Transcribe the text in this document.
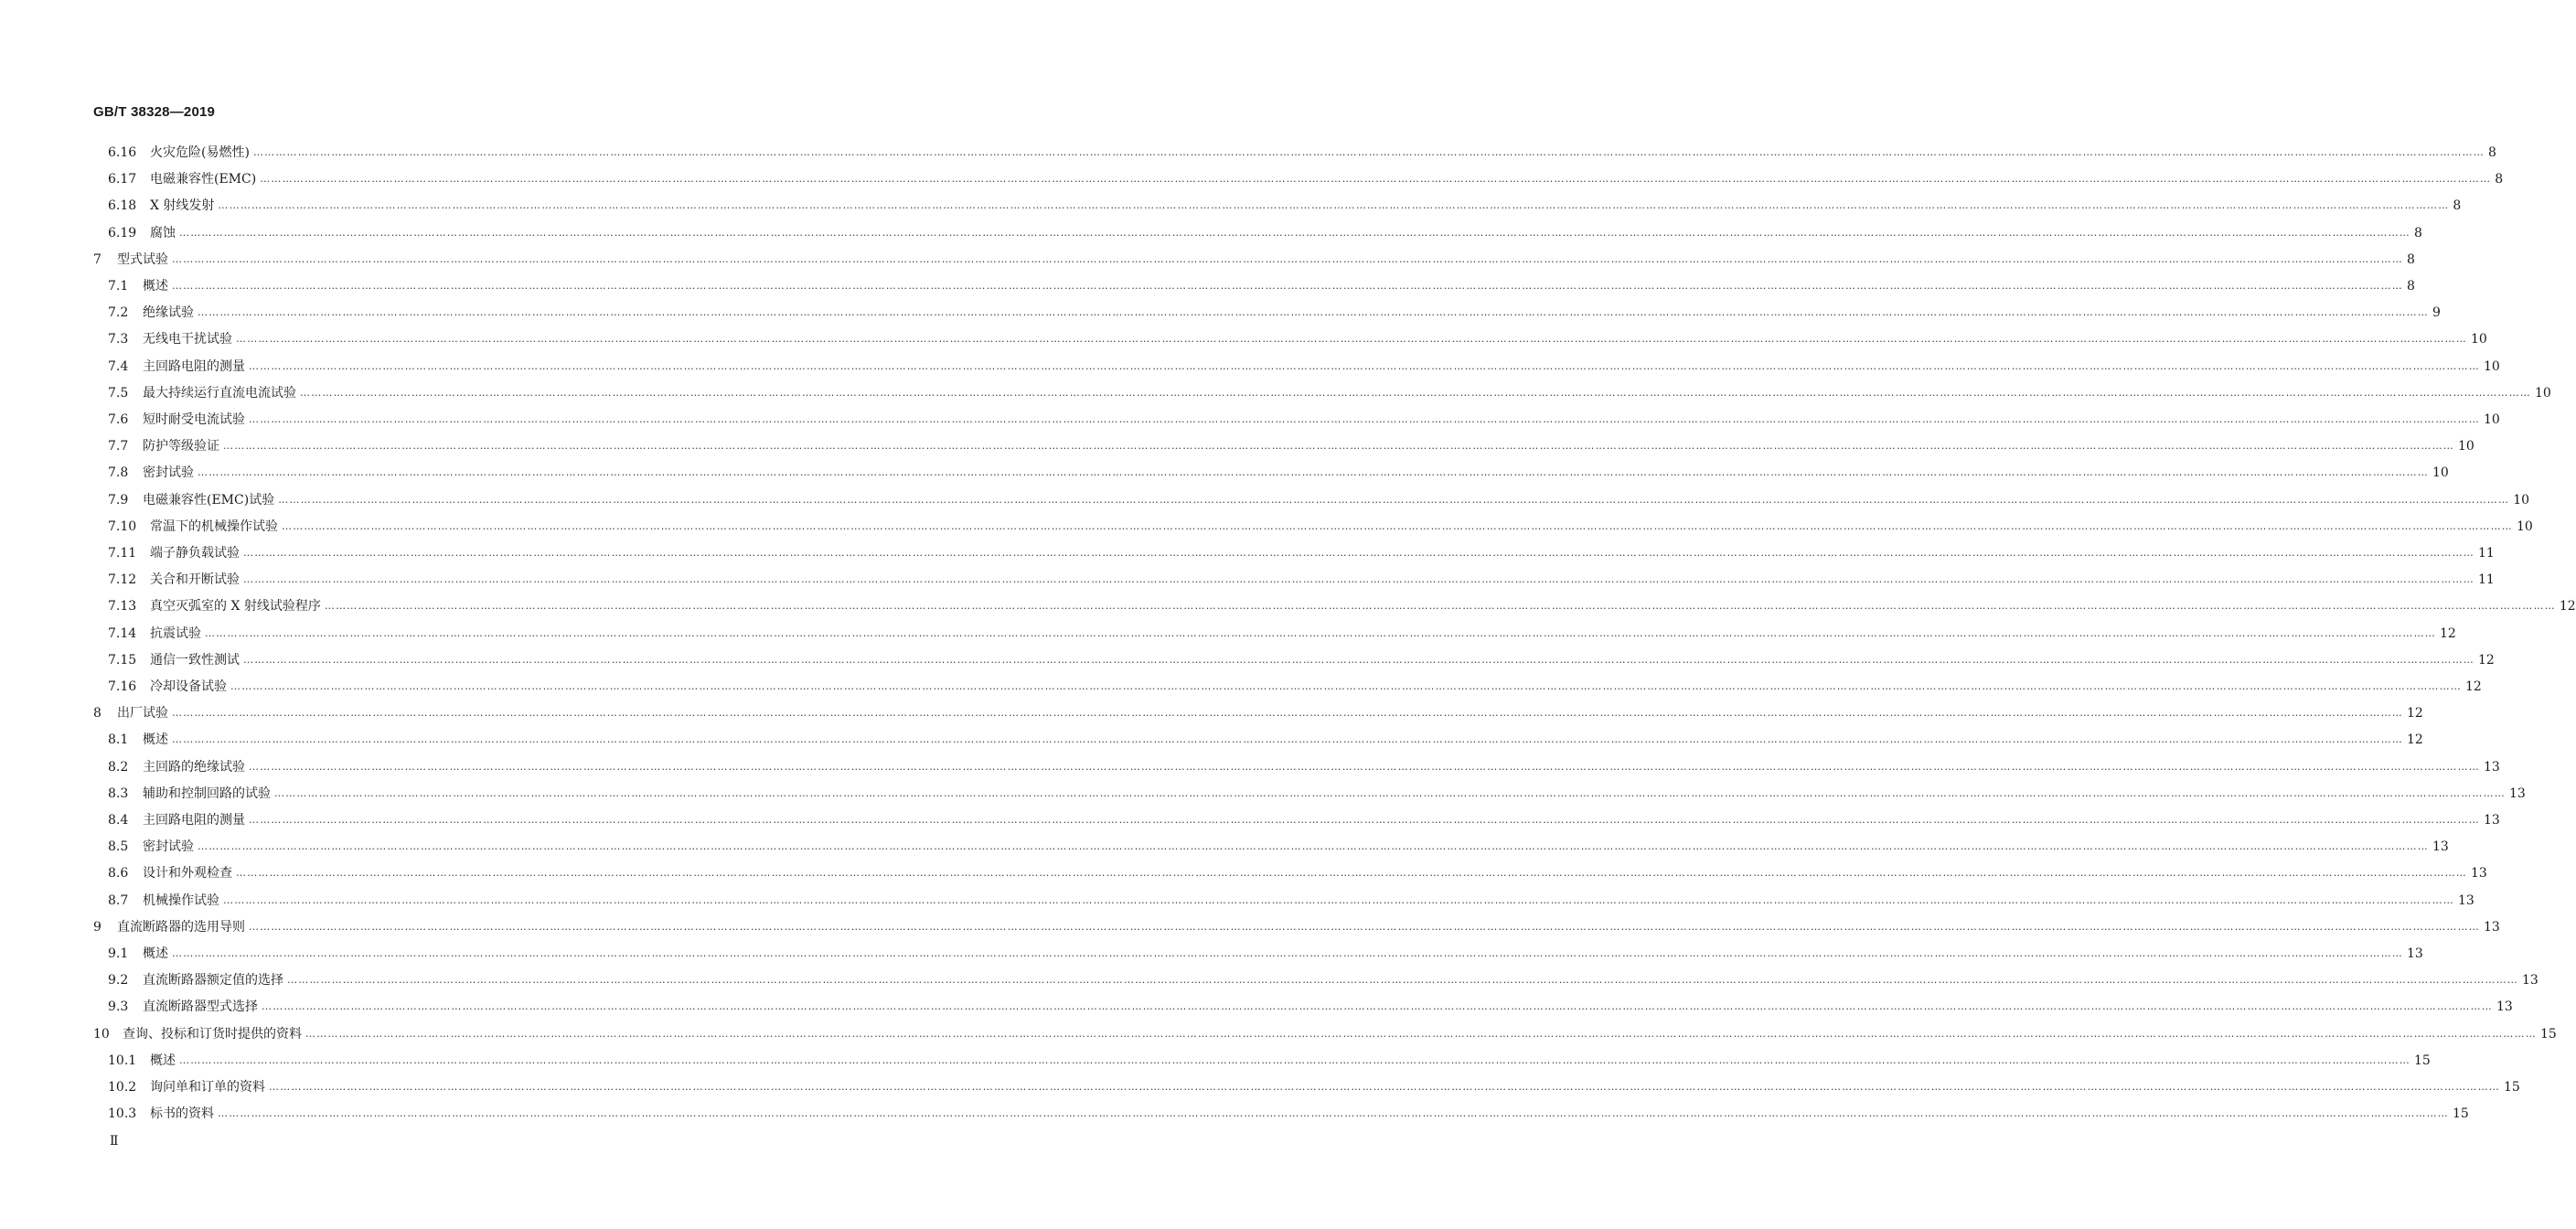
GB/T 38328—2019
6.16	火灾危险(易燃性) …………………………………………………………………………………………………………………………………………………………………………………………………………………………………………………………………………………………………………………………………………………………………………………………………………………………………………………………………………………………………………………………………………………… 8
6.17	电磁兼容性(EMC) …………………………………………………………………………………………………………………………………………………………………………………………………………………………………………………………………………………………………………………………………………………………………………………………………………………………………………………………………………………………………………………………………………………… 8
6.18	X 射线发射 …………………………………………………………………………………………………………………………………………………………………………………………………………………………………………………………………………………………………………………………………………………………………………………………………………………………………………………………………………………………………………………………………………………… 8
6.19	腐蚀 …………………………………………………………………………………………………………………………………………………………………………………………………………………………………………………………………………………………………………………………………………………………………………………………………………………………………………………………………………………………………………………………………………………… 8
7	型式试验 …………………………………………………………………………………………………………………………………………………………………………………………………………………………………………………………………………………………………………………………………………………………………………………………………………………………………………………………………………………………………………………………………………………… 8
7.1	概述 …………………………………………………………………………………………………………………………………………………………………………………………………………………………………………………………………………………………………………………………………………………………………………………………………………………………………………………………………………………………………………………………………………………… 8
7.2	绝缘试验 …………………………………………………………………………………………………………………………………………………………………………………………………………………………………………………………………………………………………………………………………………………………………………………………………………………………………………………………………………………………………………………………………………………… 9
7.3	无线电干扰试验 …………………………………………………………………………………………………………………………………………………………………………………………………………………………………………………………………………………………………………………………………………………………………………………………………………………………………………………………………………………………………………………………………………………… 10
7.4	主回路电阻的测量 …………………………………………………………………………………………………………………………………………………………………………………………………………………………………………………………………………………………………………………………………………………………………………………………………………………………………………………………………………………………………………………………………………………… 10
7.5	最大持续运行直流电流试验 …………………………………………………………………………………………………………………………………………………………………………………………………………………………………………………………………………………………………………………………………………………………………………………………………………………………………………………………………………………………………………………………………………………… 10
7.6	短时耐受电流试验 …………………………………………………………………………………………………………………………………………………………………………………………………………………………………………………………………………………………………………………………………………………………………………………………………………………………………………………………………………………………………………………………………………………… 10
7.7	防护等级验证 …………………………………………………………………………………………………………………………………………………………………………………………………………………………………………………………………………………………………………………………………………………………………………………………………………………………………………………………………………………………………………………………………………………… 10
7.8	密封试验 …………………………………………………………………………………………………………………………………………………………………………………………………………………………………………………………………………………………………………………………………………………………………………………………………………………………………………………………………………………………………………………………………………………… 10
7.9	电磁兼容性(EMC)试验 …………………………………………………………………………………………………………………………………………………………………………………………………………………………………………………………………………………………………………………………………………………………………………………………………………………………………………………………………………………………………………………………………………………… 10
7.10	常温下的机械操作试验 …………………………………………………………………………………………………………………………………………………………………………………………………………………………………………………………………………………………………………………………………………………………………………………………………………………………………………………………………………………………………………………………………………………… 10
7.11	端子静负载试验 …………………………………………………………………………………………………………………………………………………………………………………………………………………………………………………………………………………………………………………………………………………………………………………………………………………………………………………………………………………………………………………………………………………… 11
7.12	关合和开断试验 …………………………………………………………………………………………………………………………………………………………………………………………………………………………………………………………………………………………………………………………………………………………………………………………………………………………………………………………………………………………………………………………………………………… 11
7.13	真空灭弧室的 X 射线试验程序 …………………………………………………………………………………………………………………………………………………………………………………………………………………………………………………………………………………………………………………………………………………………………………………………………………………………………………………………………………………………………………………………………………………… 12
7.14	抗震试验 …………………………………………………………………………………………………………………………………………………………………………………………………………………………………………………………………………………………………………………………………………………………………………………………………………………………………………………………………………………………………………………………………………………… 12
7.15	通信一致性测试 …………………………………………………………………………………………………………………………………………………………………………………………………………………………………………………………………………………………………………………………………………………………………………………………………………………………………………………………………………………………………………………………………………………… 12
7.16	冷却设备试验 …………………………………………………………………………………………………………………………………………………………………………………………………………………………………………………………………………………………………………………………………………………………………………………………………………………………………………………………………………………………………………………………………………………… 12
8	出厂试验 …………………………………………………………………………………………………………………………………………………………………………………………………………………………………………………………………………………………………………………………………………………………………………………………………………………………………………………………………………………………………………………………………………………… 12
8.1	概述 …………………………………………………………………………………………………………………………………………………………………………………………………………………………………………………………………………………………………………………………………………………………………………………………………………………………………………………………………………………………………………………………………………………… 12
8.2	主回路的绝缘试验 …………………………………………………………………………………………………………………………………………………………………………………………………………………………………………………………………………………………………………………………………………………………………………………………………………………………………………………………………………………………………………………………………………………… 13
8.3	辅助和控制回路的试验 …………………………………………………………………………………………………………………………………………………………………………………………………………………………………………………………………………………………………………………………………………………………………………………………………………………………………………………………………………………………………………………………………………………… 13
8.4	主回路电阻的测量 …………………………………………………………………………………………………………………………………………………………………………………………………………………………………………………………………………………………………………………………………………………………………………………………………………………………………………………………………………………………………………………………………………………… 13
8.5	密封试验 …………………………………………………………………………………………………………………………………………………………………………………………………………………………………………………………………………………………………………………………………………………………………………………………………………………………………………………………………………………………………………………………………………………… 13
8.6	设计和外观检查 …………………………………………………………………………………………………………………………………………………………………………………………………………………………………………………………………………………………………………………………………………………………………………………………………………………………………………………………………………………………………………………………………………………… 13
8.7	机械操作试验 …………………………………………………………………………………………………………………………………………………………………………………………………………………………………………………………………………………………………………………………………………………………………………………………………………………………………………………………………………………………………………………………………………………… 13
9	直流断路器的选用导则 …………………………………………………………………………………………………………………………………………………………………………………………………………………………………………………………………………………………………………………………………………………………………………………………………………………………………………………………………………………………………………………………………………………… 13
9.1	概述 …………………………………………………………………………………………………………………………………………………………………………………………………………………………………………………………………………………………………………………………………………………………………………………………………………………………………………………………………………………………………………………………………………………… 13
9.2	直流断路器额定值的选择 …………………………………………………………………………………………………………………………………………………………………………………………………………………………………………………………………………………………………………………………………………………………………………………………………………………………………………………………………………………………………………………………………………………… 13
9.3	直流断路器型式选择 …………………………………………………………………………………………………………………………………………………………………………………………………………………………………………………………………………………………………………………………………………………………………………………………………………………………………………………………………………………………………………………………………………………… 13
10	查询、投标和订货时提供的资料 …………………………………………………………………………………………………………………………………………………………………………………………………………………………………………………………………………………………………………………………………………………………………………………………………………………………………………………………………………………………………………………………………………………… 15
10.1	概述 …………………………………………………………………………………………………………………………………………………………………………………………………………………………………………………………………………………………………………………………………………………………………………………………………………………………………………………………………………………………………………………………………………………… 15
10.2	询问单和订单的资料 …………………………………………………………………………………………………………………………………………………………………………………………………………………………………………………………………………………………………………………………………………………………………………………………………………………………………………………………………………………………………………………………………………………… 15
10.3	标书的资料 …………………………………………………………………………………………………………………………………………………………………………………………………………………………………………………………………………………………………………………………………………………………………………………………………………………………………………………………………………………………………………………………………………………… 15
Ⅱ
